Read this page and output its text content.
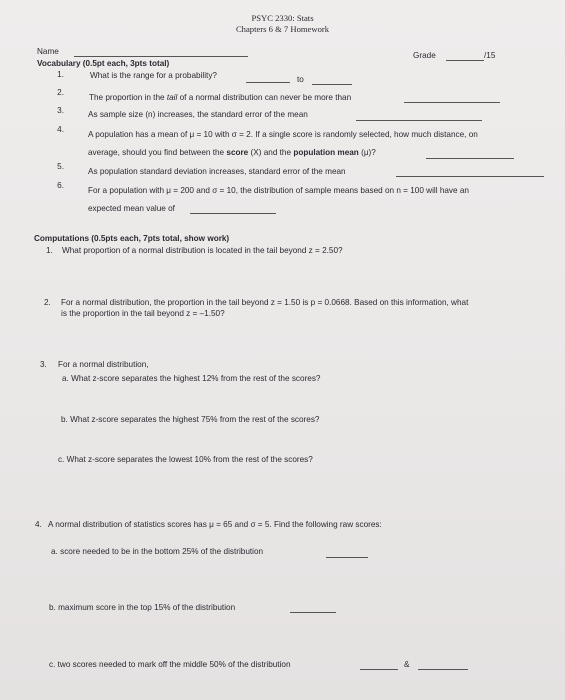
PSYC 2330: Stats
Chapters 6 & 7 Homework
Name	Grade	/15
Vocabulary (0.5pt each, 3pts total)
1.	What is the range for a probability?	to
2.
The proportion in the tail of a normal distribution can never be more than
3.	As sample size (n) increases, the standard error of the mean
4.
A population has a mean of μ = 10 with σ = 2. If a single score is randomly selected, how much distance, on
average, should you find between the score (X) and the population mean (μ)?
5.
As population standard deviation increases, standard error of the mean
6.
For a population with μ = 200 and σ = 10, the distribution of sample means based on n = 100 will have an
expected mean value of
Computations (0.5pts each, 7pts total, show work)
1. What proportion of a normal distribution is located in the tail beyond z = 2.50?
2. For a normal distribution, the proportion in the tail beyond z = 1.50 is p = 0.0668. Based on this information, what
is the proportion in the tail beyond z = –1.50?
3. For a normal distribution,
a. What z-score separates the highest 12% from the rest of the scores?
b. What z-score separates the highest 75% from the rest of the scores?
c. What z-score separates the lowest 10% from the rest of the scores?
4. A normal distribution of statistics scores has μ = 65 and σ = 5. Find the following raw scores:
a. score needed to be in the bottom 25% of the distribution
b. maximum score in the top 15% of the distribution
c. two scores needed to mark off the middle 50% of the distribution	&
